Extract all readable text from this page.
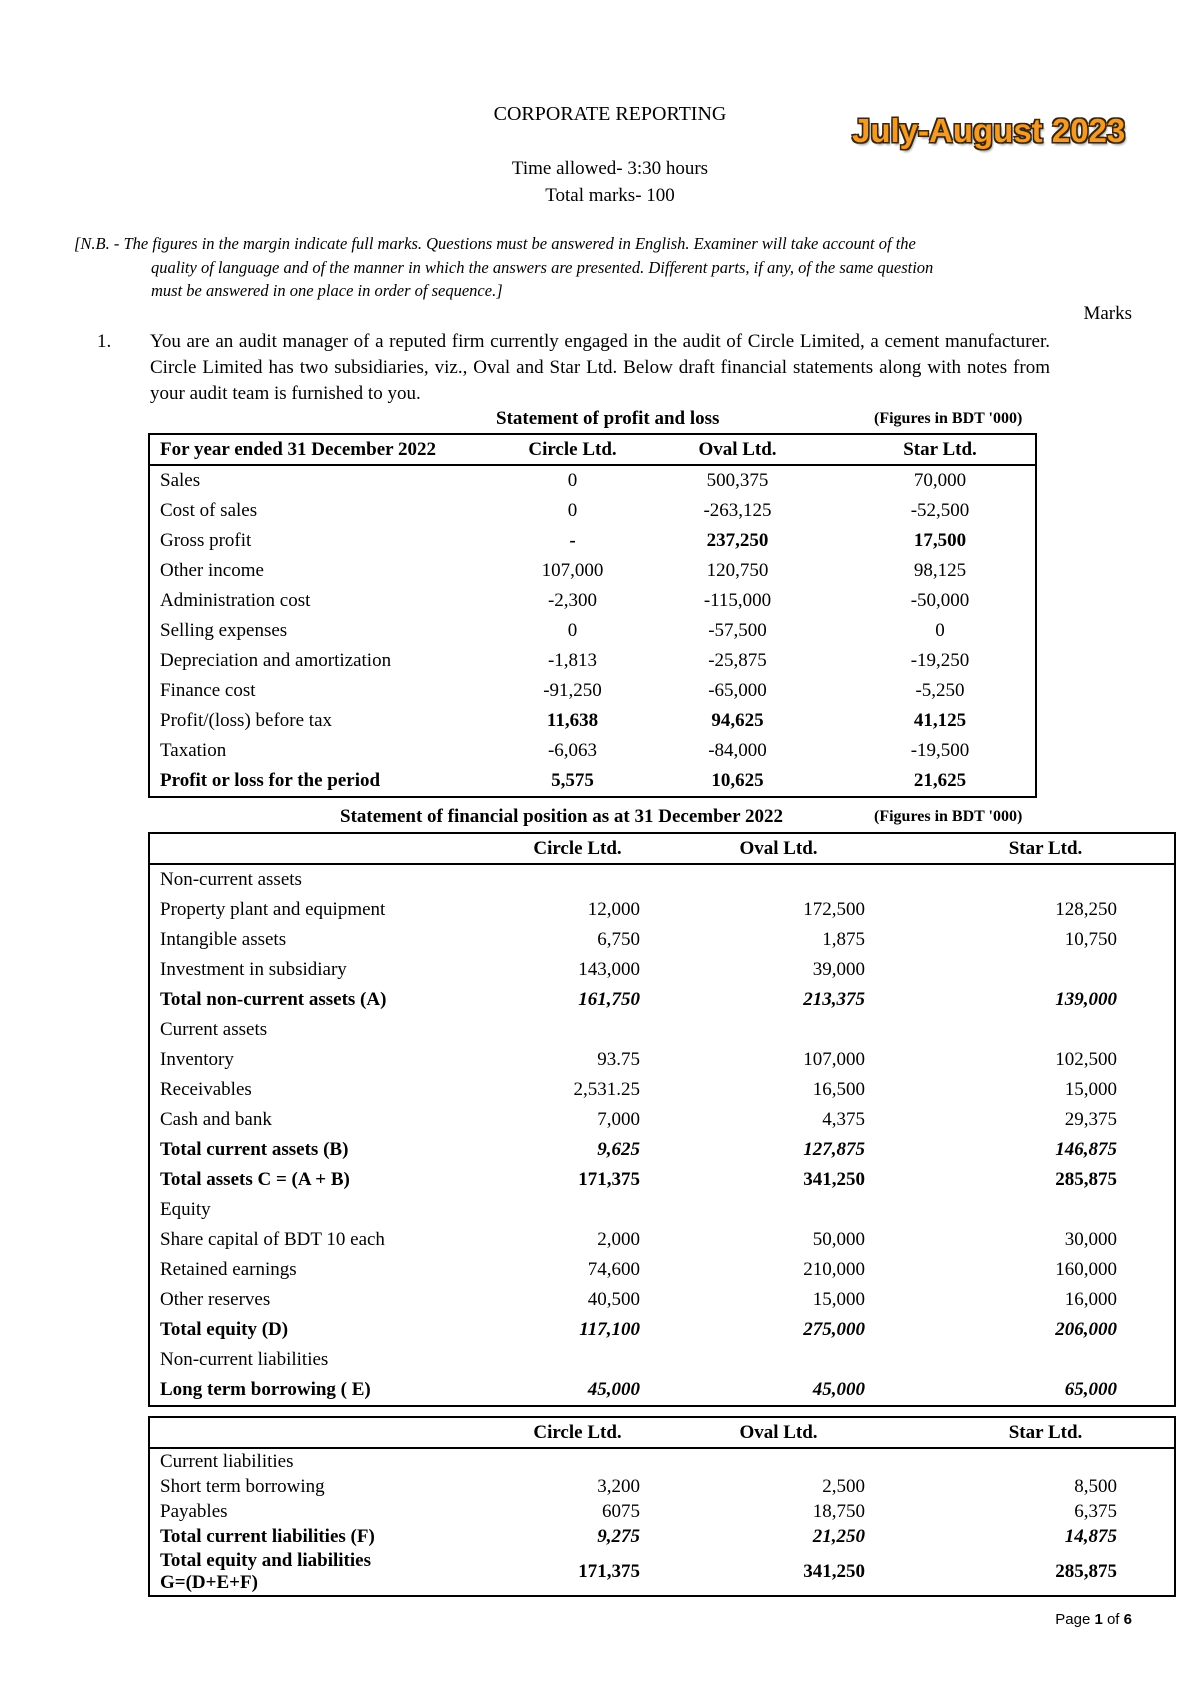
CORPORATE REPORTING	July-August 2023
Time allowed- 3:30 hours
Total marks- 100
[N.B. - The figures in the margin indicate full marks. Questions must be answered in English. Examiner will take account of the
quality of language and of the manner in which the answers are presented. Different parts, if any, of the same question
must be answered in one place in order of sequence.]
Marks
1. You are an audit manager of a reputed firm currently engaged in the audit of Circle Limited, a cement manufacturer. Circle Limited has two subsidiaries, viz., Oval and Star Ltd. Below draft financial statements along with notes from your audit team is furnished to you.
Statement of profit and loss	(Figures in BDT '000)
For year ended 31 December 2022	Circle Ltd.	Oval Ltd.	Star Ltd.
Sales	0	500,375	70,000
Cost of sales	0	-263,125	-52,500
Gross profit	-	237,250	17,500
Other income	107,000	120,750	98,125
Administration cost	-2,300	-115,000	-50,000
Selling expenses	0	-57,500	0
Depreciation and amortization	-1,813	-25,875	-19,250
Finance cost	-91,250	-65,000	-5,250
Profit/(loss) before tax	11,638	94,625	41,125
Taxation	-6,063	-84,000	-19,500
Profit or loss for the period	5,575	10,625	21,625
Statement of financial position as at 31 December 2022	(Figures in BDT '000)
	Circle Ltd.	Oval Ltd.	Star Ltd.
Non-current assets			
Property plant and equipment	12,000	172,500	128,250
Intangible assets	6,750	1,875	10,750
Investment in subsidiary	143,000	39,000	
Total non-current assets (A)	161,750	213,375	139,000
Current assets			
Inventory	93.75	107,000	102,500
Receivables	2,531.25	16,500	15,000
Cash and bank	7,000	4,375	29,375
Total current assets (B)	9,625	127,875	146,875
Total assets C = (A + B)	171,375	341,250	285,875
Equity			
Share capital of BDT 10 each	2,000	50,000	30,000
Retained earnings	74,600	210,000	160,000
Other reserves	40,500	15,000	16,000
Total equity (D)	117,100	275,000	206,000
Non-current liabilities			
Long term borrowing ( E)	45,000	45,000	65,000
	Circle Ltd.	Oval Ltd.	Star Ltd.
Current liabilities			
Short term borrowing	3,200	2,500	8,500
Payables	6075	18,750	6,375
Total current liabilities (F)	9,275	21,250	14,875
Total equity and liabilities
G=(D+E+F)	171,375	341,250	285,875
Page 1 of 6
